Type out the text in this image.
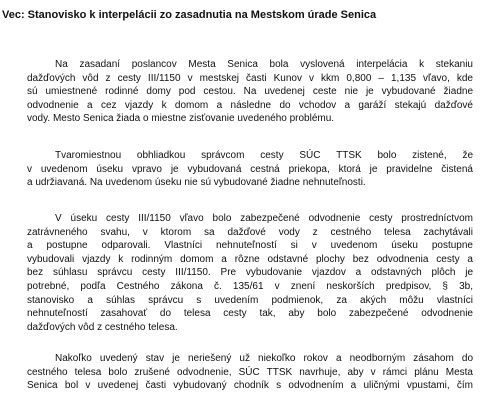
Vec: Stanovisko k interpelácii zo zasadnutia na Mestskom úrade Senica
Na zasadaní poslancov Mesta Senica bola vyslovená interpelácia k stekaniu
dažďových vôd z cesty III/1150 v mestskej časti Kunov v kkm 0,800 – 1,135 vľavo, kde
sú umiestnené rodinné domy pod cestou. Na uvedenej ceste nie je vybudované žiadne
odvodnenie a cez vjazdy k domom a následne do vchodov a garáží stekajú dažďové
vody. Mesto Senica žiada o miestne zisťovanie uvedeného problému.
Tvaromiestnou obhliadkou správcom cesty SÚC TTSK bolo zistené, že
v uvedenom úseku vpravo je vybudovaná cestná priekopa, ktorá je pravidelne čistená
a udržiavaná. Na uvedenom úseku nie sú vybudované žiadne nehnuteľnosti.
V úseku cesty III/1150 vľavo bolo zabezpečené odvodnenie cesty prostredníctvom
zatrávneného svahu, v ktorom sa dažďové vody z cestného telesa zachytávali
a postupne odparovali. Vlastníci nehnuteľností si v uvedenom úseku postupne
vybudovali vjazdy k rodinným domom a rôzne odstavné plochy bez odvodnenia cesty a
bez súhlasu správcu cesty III/1150. Pre vybudovanie vjazdov a odstavných plôch je
potrebné, podľa Cestného zákona č. 135/61 v znení neskorších predpisov, § 3b,
stanovisko a súhlas správcu s uvedením podmienok, za akých môžu vlastníci
nehnuteľností zasahovať do telesa cesty tak, aby bolo zabezpečené odvodnenie
dažďových vôd z cestného telesa.
Nakoľko uvedený stav je neriešený už niekoľko rokov a neodborným zásahom do
cestného telesa bolo zrušené odvodnenie, SÚC TTSK navrhuje, aby v rámci plánu Mesta
Senica bol v uvedenej časti vybudovaný chodník s odvodnením a uličnými vpustami, čím
